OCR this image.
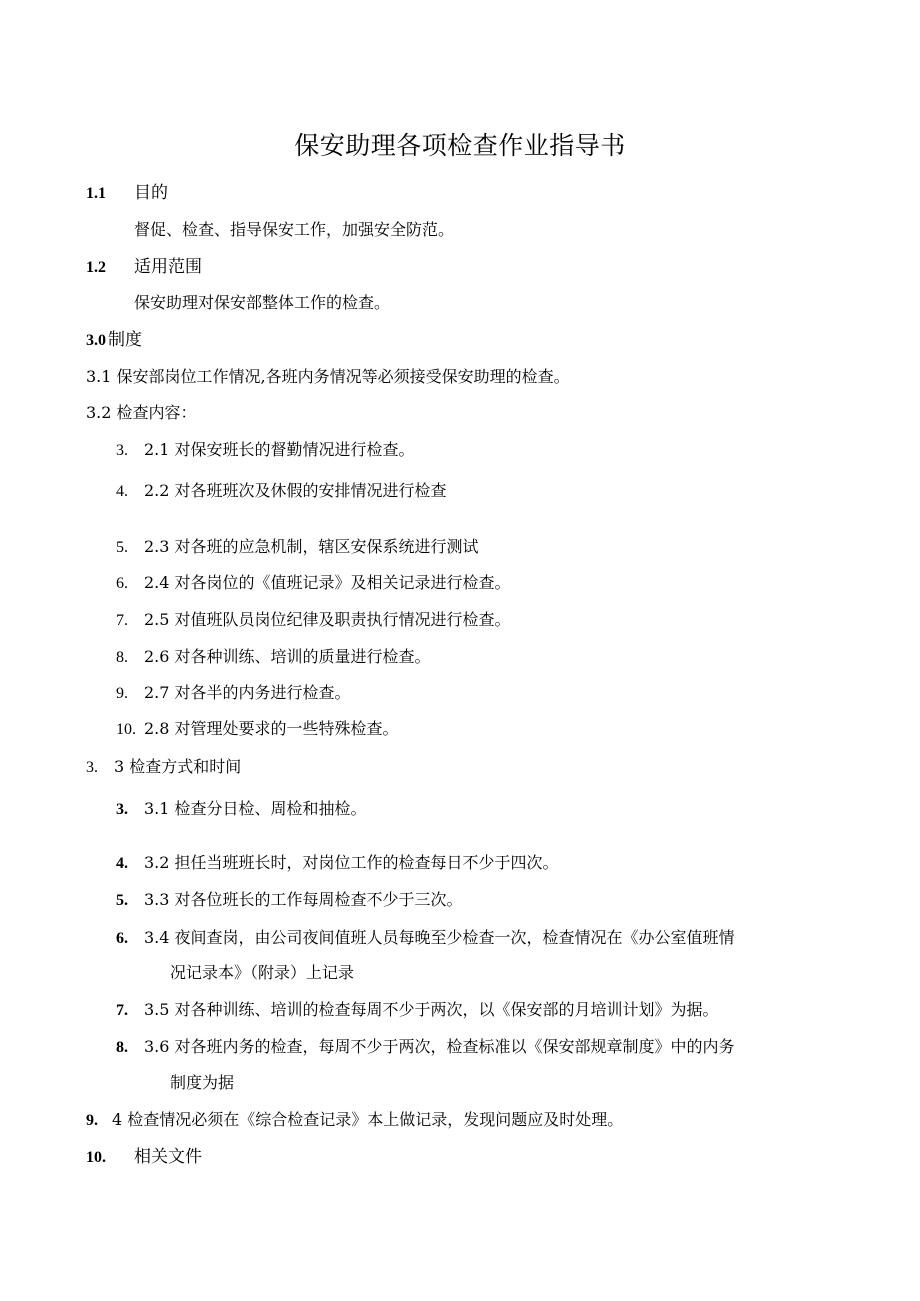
保安助理各项检查作业指导书
1.1 目的
督促、检查、指导保安工作，加强安全防范。
1.2 适用范围
保安助理对保安部整体工作的检查。
3.0 制度
3.1 保安部岗位工作情况,各班内务情况等必须接受保安助理的检查。
3.2 检查内容：
3. 2.1 对保安班长的督勤情况进行检查。
4. 2.2 对各班班次及休假的安排情况进行检查
5. 2.3 对各班的应急机制，辖区安保系统进行测试
6. 2.4 对各岗位的《值班记录》及相关记录进行检查。
7. 2.5 对值班队员岗位纪律及职责执行情况进行检查。
8. 2.6 对各种训练、培训的质量进行检查。
9. 2.7 对各半的内务进行检查。
10. 2.8 对管理处要求的一些特殊检查。
3. 3 检查方式和时间
3. 3.1 检查分日检、周检和抽检。
4. 3.2 担任当班班长时，对岗位工作的检查每日不少于四次。
5. 3.3 对各位班长的工作每周检查不少于三次。
6. 3.4 夜间查岗，由公司夜间值班人员每晚至少检查一次，检查情况在《办公室值班情
况记录本》（附录）上记录
7. 3.5 对各种训练、培训的检查每周不少于两次，以《保安部的月培训计划》为据。
8. 3.6 对各班内务的检查，每周不少于两次，检查标准以《保安部规章制度》中的内务
制度为据
9. 4 检查情况必须在《综合检查记录》本上做记录，发现问题应及时处理。
10. 相关文件
